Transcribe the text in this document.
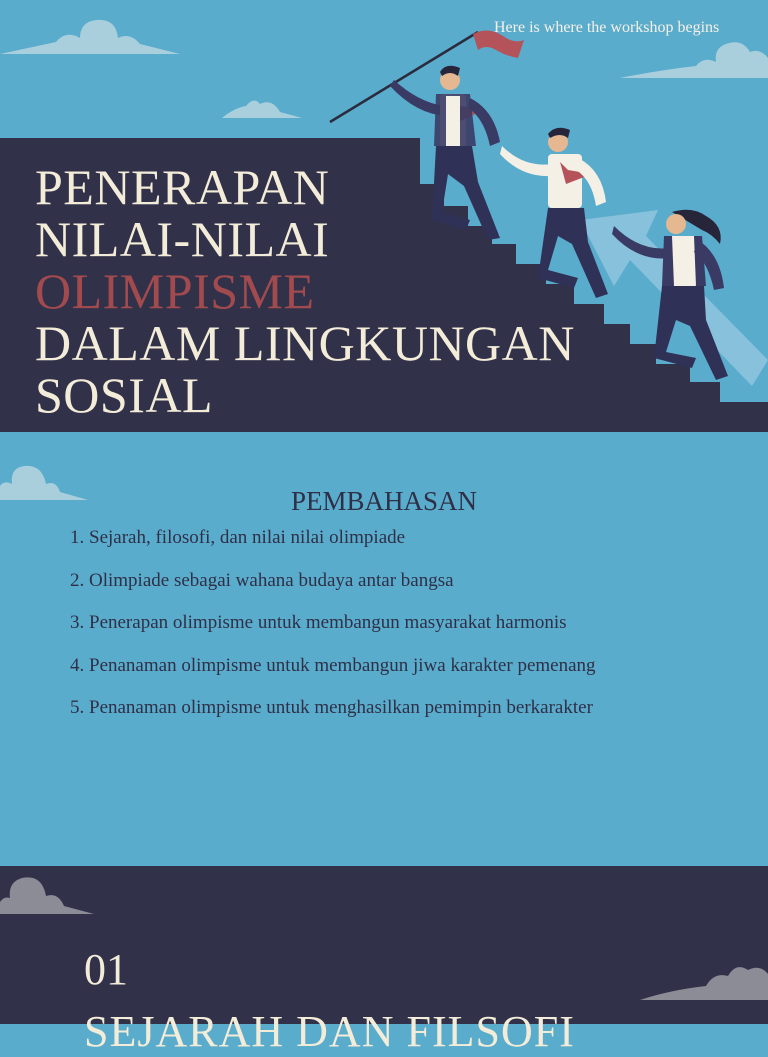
PENERAPAN
NILAI-NILAI
OLIMPISME
DALAM LINGKUNGAN
SOSIAL
Here is where the workshop begins
PEMBAHASAN
1. Sejarah, filosofi, dan nilai nilai olimpiade
2. Olimpiade sebagai wahana budaya antar bangsa
3. Penerapan olimpisme untuk membangun masyarakat harmonis
4. Penanaman olimpisme untuk membangun jiwa karakter pemenang
5. Penanaman olimpisme untuk menghasilkan pemimpin berkarakter
01
SEJARAH DAN FILSOFI
